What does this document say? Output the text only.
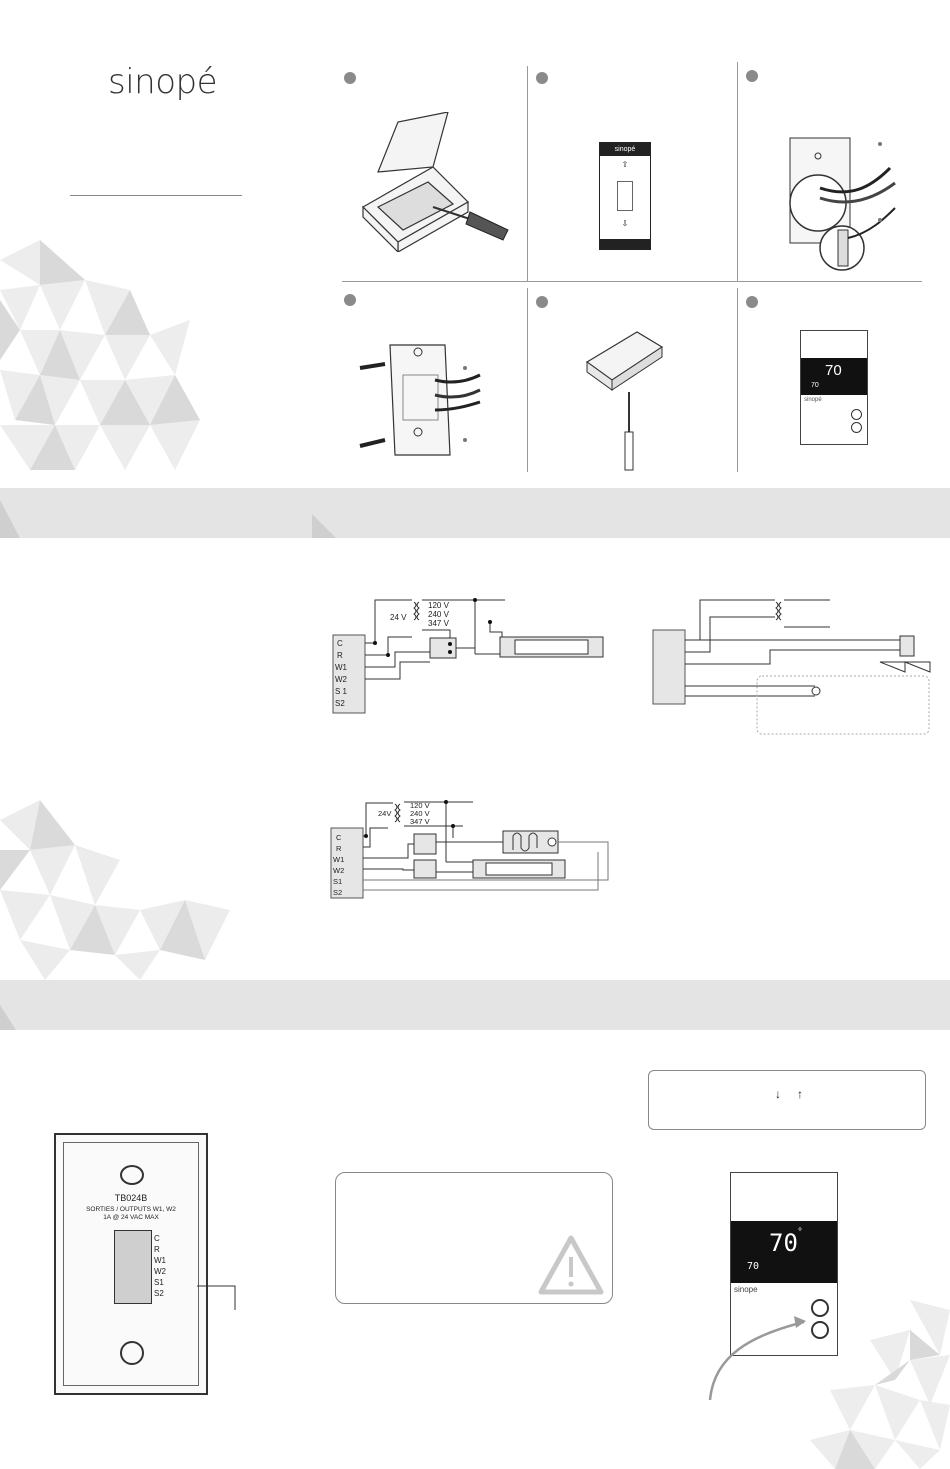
sinopé
sinopé
⇧
⇩
70
70
sinopé
C
R
W1
W2
S 1
S2
24 V
120 V
240 V
347 V
C
R
W1
W2
S1
S2
24V
120 V
240 V
347 V
TB024B
SORTIES / OUTPUTS W1, W2
1A @ 24 VAC MAX
C
R
W1
W2
S1
S2
↓ ↑
70 °
70
sinope
